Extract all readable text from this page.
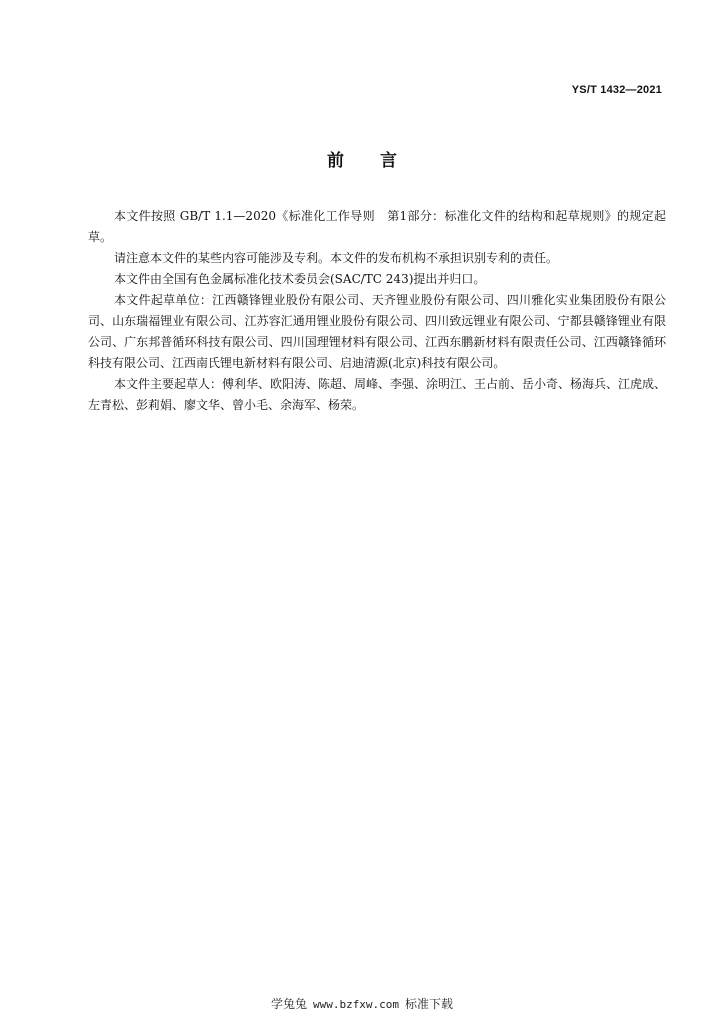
YS/T 1432—2021
前 言

本文件按照 GB/T 1.1—2020《标准化工作导则　第1部分：标准化文件的结构和起草规则》的规定起草。

请注意本文件的某些内容可能涉及专利。本文件的发布机构不承担识别专利的责任。

本文件由全国有色金属标准化技术委员会(SAC/TC 243)提出并归口。

本文件起草单位：江西赣锋锂业股份有限公司、天齐锂业股份有限公司、四川雅化实业集团股份有限公司、山东瑞福锂业有限公司、江苏容汇通用锂业股份有限公司、四川致远锂业有限公司、宁都县赣锋锂业有限公司、广东邦普循环科技有限公司、四川国理锂材料有限公司、江西东鹏新材料有限责任公司、江西赣锋循环科技有限公司、江西南氏锂电新材料有限公司、启迪清源(北京)科技有限公司。

本文件主要起草人：傅利华、欧阳涛、陈超、周峰、李强、涂明江、王占前、岳小奇、杨海兵、江虎成、左青松、彭莉娟、廖文华、曾小毛、余海军、杨荣。

学兔兔 www.bzfxw.com 标准下载
